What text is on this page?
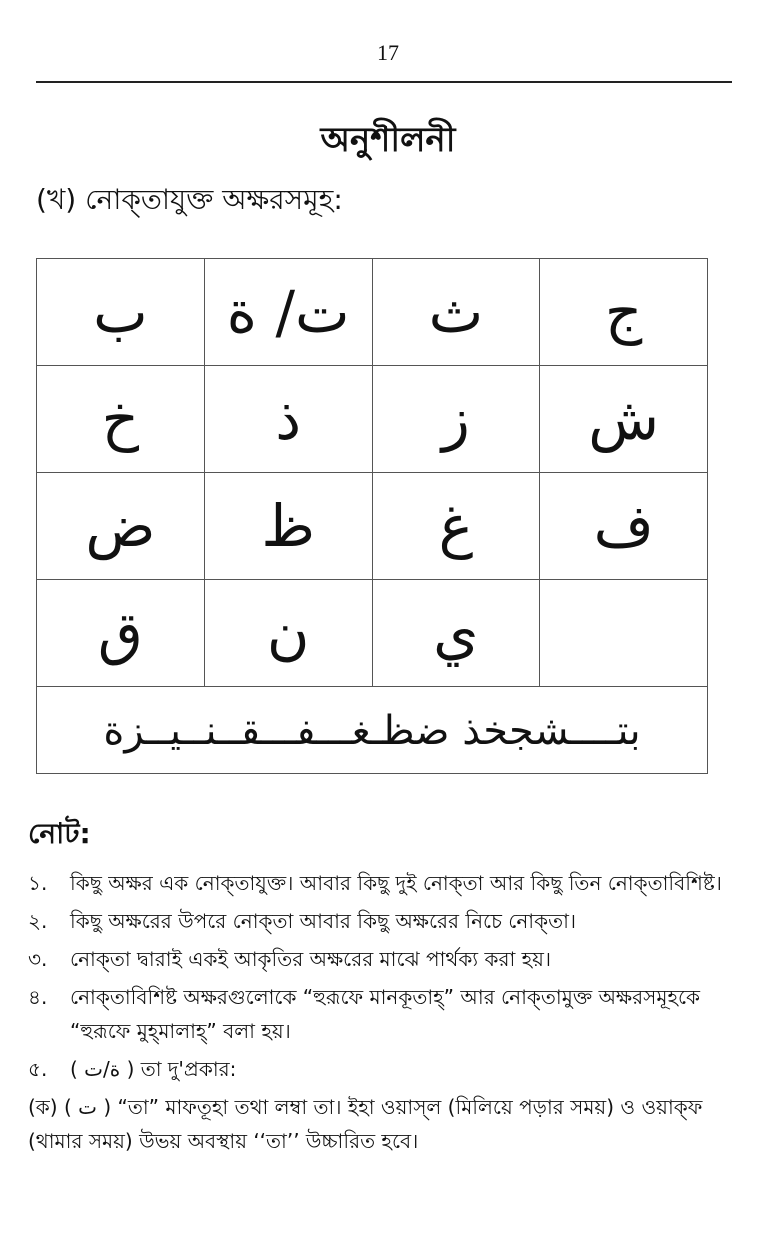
17
অনুশীলনী
(খ) নোক্‌তাযুক্ত অক্ষরসমূহ:
ب	ت/ ة	ث	ج
خ	ذ	ز	ش
ض	ظ	غ	ف
ق	ن	ي
بتــــشجخذ ضظـغـــفـــقــنــيــزة
নোট:
১.	কিছু অক্ষর এক নোক্‌তাযুক্ত। আবার কিছু দুই নোক্‌তা আর কিছু তিন নোক্‌তাবিশিষ্ট।
২.	কিছু অক্ষরের উপরে নোক্‌তা আবার কিছু অক্ষরের নিচে নোক্‌তা।
৩.	নোক্‌তা দ্বারাই একই আকৃতির অক্ষরের মাঝে পার্থক্য করা হয়।
৪.	নোক্‌তাবিশিষ্ট অক্ষরগুলোকে “হুরূফে মানকূতাহ্‌” আর নোক্‌তামুক্ত অক্ষরসমূহকে “হুরূফে মুহ্‌মালাহ্‌” বলা হয়।
৫.	( ة/ت ) তা দু'প্রকার:
(ক) ( ت ) “তা” মাফতূহা তথা লম্বা তা। ইহা ওয়াস্‌ল (মিলিয়ে পড়ার সময়) ও ওয়াক্‌ফ (থামার সময়) উভয় অবস্থায় ‘‘তা’’ উচ্চারিত হবে।
